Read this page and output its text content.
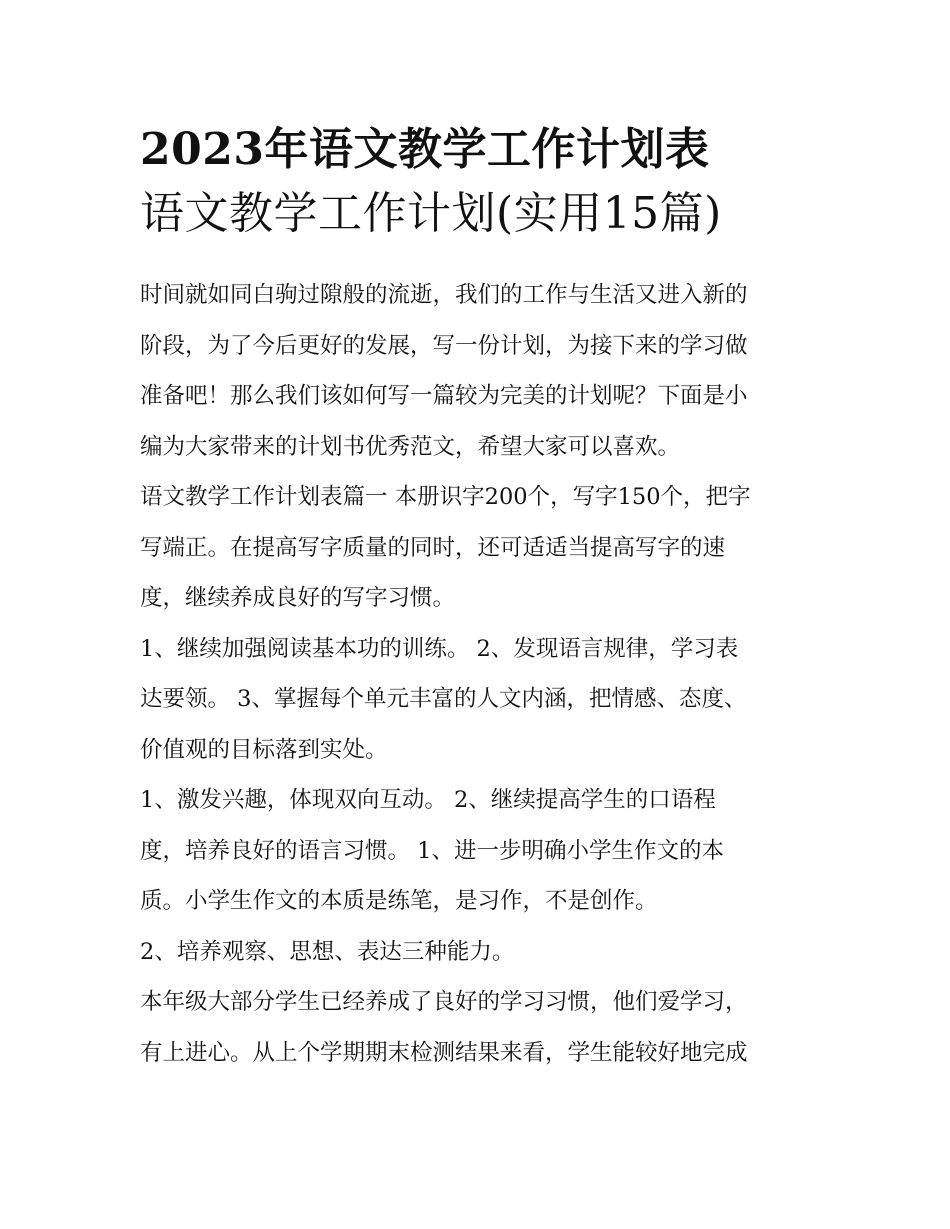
2023年语文教学工作计划表
语文教学工作计划(实用15篇)

时间就如同白驹过隙般的流逝，我们的工作与生活又进入新的

阶段，为了今后更好的发展，写一份计划，为接下来的学习做

准备吧！那么我们该如何写一篇较为完美的计划呢？下面是小

编为大家带来的计划书优秀范文，希望大家可以喜欢。

语文教学工作计划表篇一 本册识字200个，写字150个，把字

写端正。在提高写字质量的同时，还可适适当提高写字的速

度，继续养成良好的写字习惯。

1、继续加强阅读基本功的训练。 2、发现语言规律，学习表

达要领。 3、掌握每个单元丰富的人文内涵，把情感、态度、

价值观的目标落到实处。

1、激发兴趣，体现双向互动。 2、继续提高学生的口语程

度，培养良好的语言习惯。 1、进一步明确小学生作文的本

质。小学生作文的本质是练笔，是习作，不是创作。

2、培养观察、思想、表达三种能力。

本年级大部分学生已经养成了良好的学习习惯，他们爱学习，

有上进心。从上个学期期末检测结果来看，学生能较好地完成
